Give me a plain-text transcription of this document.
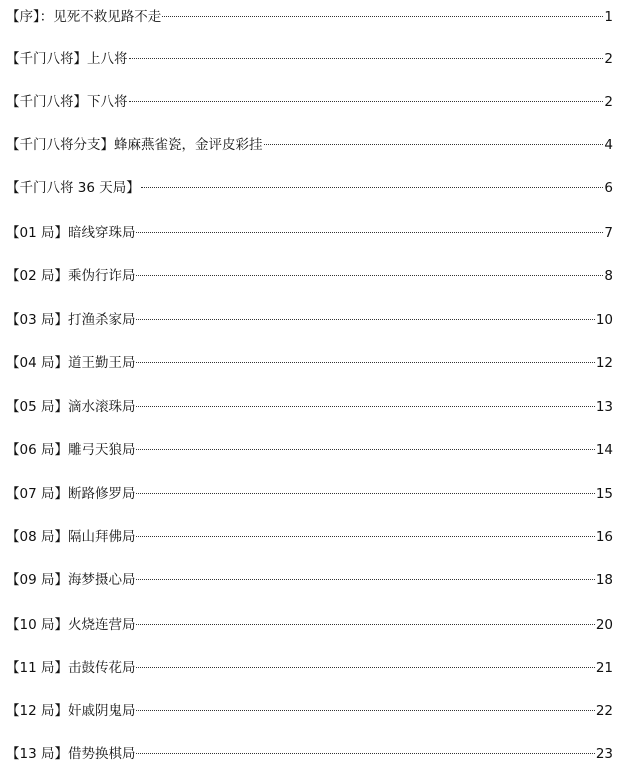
【序】：见死不救见路不走	1
【千门八将】上八将	2
【千门八将】下八将	2
【千门八将分支】蜂麻燕雀瓷，金评皮彩挂	4
【千门八将 36 天局】	6
【01 局】暗线穿珠局	7
【02 局】乘伪行诈局	8
【03 局】打渔杀家局	10
【04 局】道王勤王局	12
【05 局】滴水滚珠局	13
【06 局】雕弓天狼局	14
【07 局】断路修罗局	15
【08 局】隔山拜佛局	16
【09 局】海梦摄心局	18
【10 局】火烧连营局	20
【11 局】击鼓传花局	21
【12 局】奸戚阴鬼局	22
【13 局】借势换棋局	23
